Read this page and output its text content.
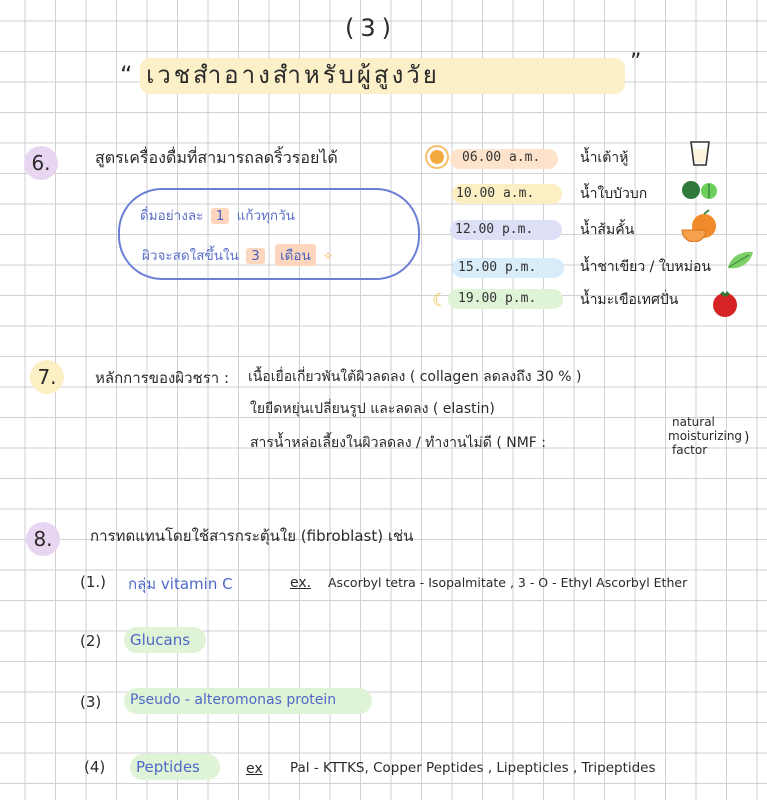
(3)
“ เวชสำอางสำหรับผู้สูงวัย	”
6.	สูตรเครื่องดื่มที่สามารถลดริ้วรอยได้
ดื่มอย่างละ 1 แก้วทุกวัน
ผิวจะสดใสขึ้นใน 3 เดือน ✧
☾
06.00 a.m.	น้ำเต้าหู้
10.00 a.m.	น้ำใบบัวบก
12.00 p.m.	น้ำส้มคั้น
15.00 p.m.	น้ำชาเขียว / ใบหม่อน
19.00 p.m.	น้ำมะเขือเทศปั่น
7.	หลักการของผิวชรา : เนื้อเยื่อเกี่ยวพันใต้ผิวลดลง ( collagen ลดลงถึง 30 % )
ใยยืดหยุ่นเปลี่ยนรูป และลดลง ( elastin)
สารน้ำหล่อเลี้ยงในผิวลดลง / ทำงานไม่ดี ( NMF :
natural
moisturizing
factor
)
8.	การทดแทนโดยใช้สารกระตุ้นใย (fibroblast) เช่น
(1.) กลุ่ม vitamin C	ex. Ascorbyl tetra - Isopalmitate , 3 - O - Ethyl Ascorbyl Ether
(2) Glucans
(3) Pseudo - alteromonas protein
(4) Peptides	ex Pal - KTTKS, Copper Peptides , Lipepticles , Tripeptides
